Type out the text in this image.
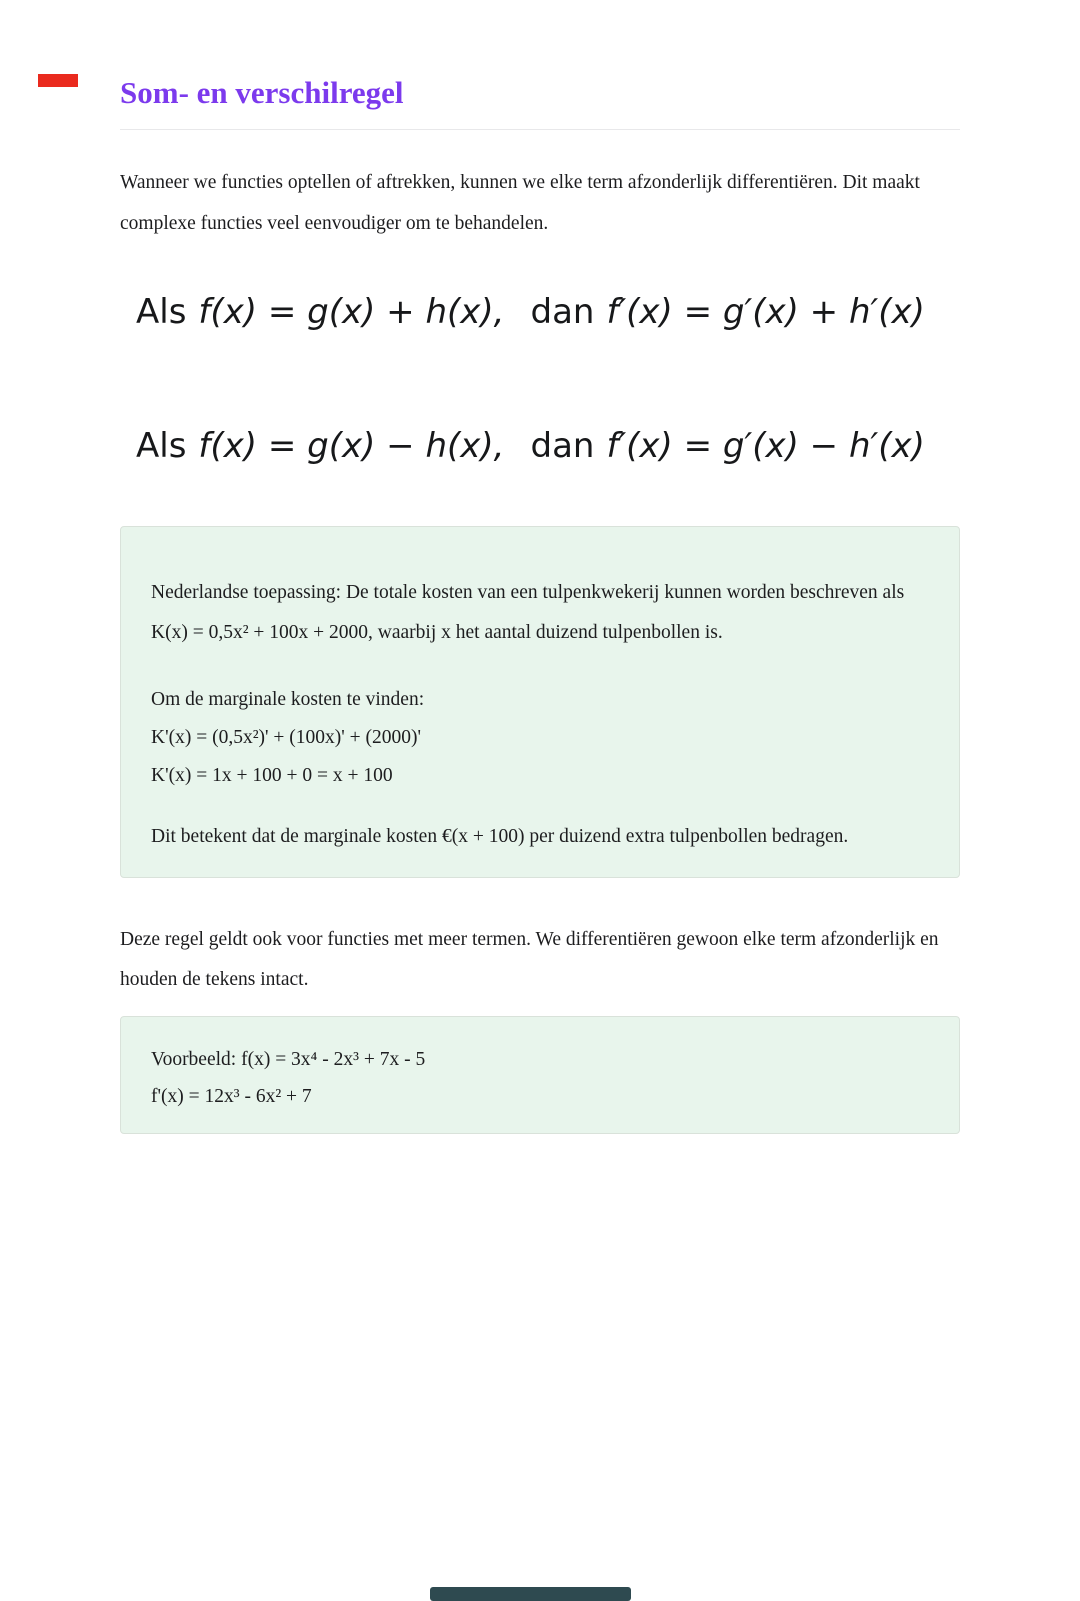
Som- en verschilregel

Wanneer we functies optellen of aftrekken, kunnen we elke term afzonderlijk differentiëren. Dit maakt complexe functies veel eenvoudiger om te behandelen.

Als f(x) = g(x) + h(x), dan f′(x) = g′(x) + h′(x)
Als f(x) = g(x) − h(x), dan f′(x) = g′(x) − h′(x)

Nederlandse toepassing: De totale kosten van een tulpenkwekerij kunnen worden beschreven als K(x) = 0,5x² + 100x + 2000, waarbij x het aantal duizend tulpenbollen is.

Om de marginale kosten te vinden:

K'(x) = (0,5x²)' + (100x)' + (2000)'

K'(x) = 1x + 100 + 0 = x + 100

Dit betekent dat de marginale kosten €(x + 100) per duizend extra tulpenbollen bedragen.

Deze regel geldt ook voor functies met meer termen. We differentiëren gewoon elke term afzonderlijk en houden de tekens intact.

Voorbeeld: f(x) = 3x⁴ - 2x³ + 7x - 5

f'(x) = 12x³ - 6x² + 7
